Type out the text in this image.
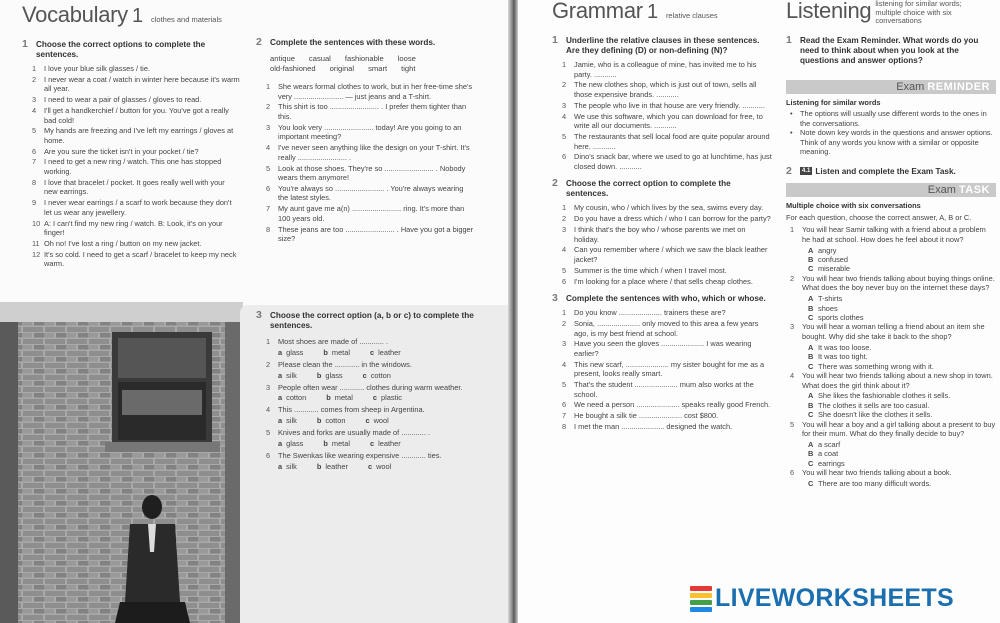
Vocabulary 1 clothes and materials
1 Choose the correct options to complete the sentences.
1	I love your blue silk glasses / tie.
2	I never wear a coat / watch in winter here because it's warm all year.
3	I need to wear a pair of glasses / gloves to read.
4	I'll get a handkerchief / button for you. You've got a really bad cold!
5	My hands are freezing and I've left my earrings / gloves at home.
6	Are you sure the ticket isn't in your pocket / tie?
7	I need to get a new ring / watch. This one has stopped working.
8	I love that bracelet / pocket. It goes really well with your new earrings.
9	I never wear earrings / a scarf to work because they don't let us wear any jewellery.
10 A: I can't find my new ring / watch. B: Look, it's on your finger!
11 Oh no! I've lost a ring / button on my new jacket.
12 It's so cold. I need to get a scarf / bracelet to keep my neck warm.
2 Complete the sentences with these words.
antique casual fashionable loose
old-fashioned original smart tight
1	She wears formal clothes to work, but in her free-time she's very ........................ — just jeans and a T-shirt.
2	This shirt is too ........................ . I prefer them tighter than this.
3	You look very ........................ today! Are you going to an important meeting?
4	I've never seen anything like the design on your T-shirt. It's really ........................ .
5	Look at those shoes. They're so ........................ . Nobody wears them anymore!
6	You're always so ........................ . You're always wearing the latest styles.
7	My aunt gave me a(n) ........................ ring. It's more than 100 years old.
8	These jeans are too ........................ . Have you got a bigger size?
3 Choose the correct option (a, b or c) to complete the sentences.
1	Most shoes are made of ............ .
a glass	b metal	c leather
2	Please clean the ............ in the windows.
a silk	b glass	c cotton
3	People often wear ............ clothes during warm weather.
a cotton	b metal	c plastic
4	This ............ comes from sheep in Argentina.
a silk	b cotton	c wool
5	Knives and forks are usually made of ............ .
a glass	b metal	c leather
6	The Swenkas like wearing expensive ............ ties.
a silk	b leather	c wool
Grammar 1 relative clauses
1 Underline the relative clauses in these sentences. Are they defining (D) or non-defining (N)?
1	Jamie, who is a colleague of mine, has invited me to his party. ...........
2	The new clothes shop, which is just out of town, sells all those expensive brands. ...........
3	The people who live in that house are very friendly. ...........
4	We use this software, which you can download for free, to write all our documents. ...........
5	The restaurants that sell local food are quite popular around here. ...........
6	Dino's snack bar, where we used to go at lunchtime, has just closed down. ...........
2 Choose the correct option to complete the sentences.
1	My cousin, who / which lives by the sea, swims every day.
2	Do you have a dress which / who I can borrow for the party?
3	I think that's the boy who / whose parents we met on holiday.
4	Can you remember where / which we saw the black leather jacket?
5	Summer is the time which / when I travel most.
6	I'm looking for a place where / that sells cheap clothes.
3 Complete the sentences with who, which or whose.
1	Do you know ..................... trainers these are?
2	Sonia, ..................... only moved to this area a few years ago, is my best friend at school.
3	Have you seen the gloves ..................... I was wearing earlier?
4	This new scarf, ..................... my sister bought for me as a present, looks really smart.
5	That's the student ..................... mum also works at the school.
6	We need a person ..................... speaks really good French.
7	He bought a silk tie ..................... cost $800.
8	I met the man ..................... designed the watch.
Listening listening for similar words; multiple choice with six conversations
1 Read the Exam Reminder. What words do you need to think about when you look at the questions and answer options?
Exam REMINDER
Listening for similar words
•	The options will usually use different words to the ones in the conversations.
•	Note down key words in the questions and answer options. Think of any words you know with a similar or opposite meaning.
2	4.1 Listen and complete the Exam Task.
Exam TASK
Multiple choice with six conversations
For each question, choose the correct answer, A, B or C.
1	You will hear Samir talking with a friend about a problem he had at school. How does he feel about it now?
A angry
B confused
C miserable
2	You will hear two friends talking about buying things online. What does the boy never buy on the internet these days?
A T-shirts
B shoes
C sports clothes
3	You will hear a woman telling a friend about an item she bought. Why did she take it back to the shop?
A It was too loose.
B It was too tight.
C There was something wrong with it.
4	You will hear two friends talking about a new shop in town. What does the girl think about it?
A She likes the fashionable clothes it sells.
B The clothes it sells are too casual.
C She doesn't like the clothes it sells.
5	You will hear a boy and a girl talking about a present to buy for their mum. What do they finally decide to buy?
A a scarf
B a coat
C earrings
6	You will hear two friends talking about a book.
C There are too many difficult words.
LIVEWORKSHEETS
